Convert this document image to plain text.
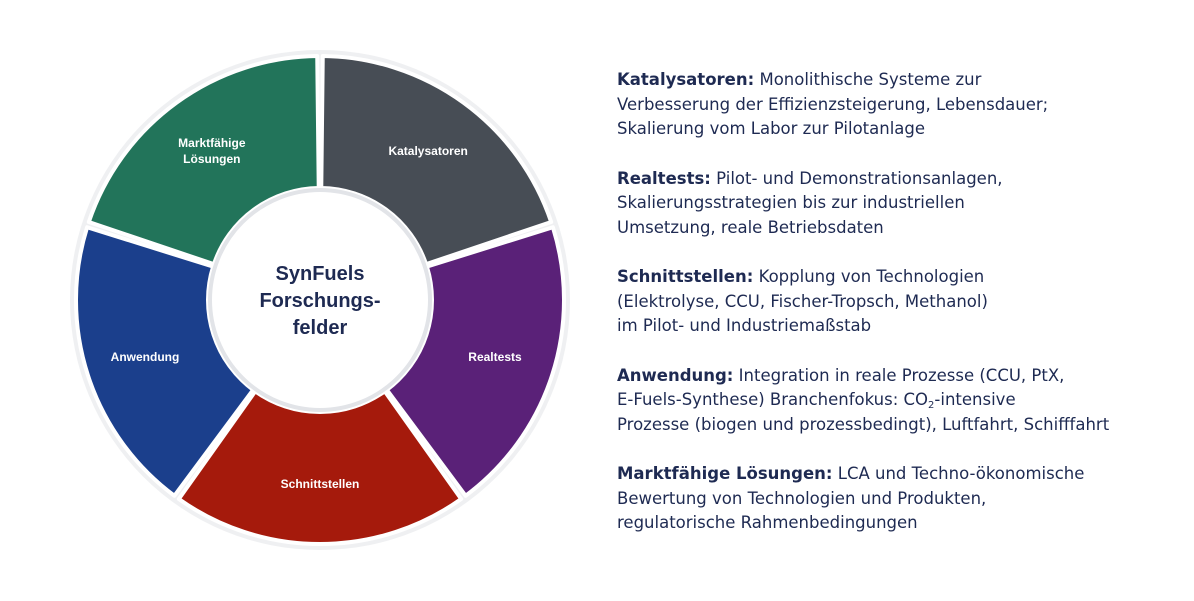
Katalysatoren
Realtests
Schnittstellen
Anwendung
Marktfähige Lösungen
SynFuels Forschungs-felder
Katalysatoren: Monolithische Systeme zur
Verbesserung der Effizienzsteigerung, Lebensdauer;
Skalierung vom Labor zur Pilotanlage
Realtests: Pilot- und Demonstrationsanlagen,
Skalierungsstrategien bis zur industriellen
Umsetzung, reale Betriebsdaten
Schnittstellen: Kopplung von Technologien
(Elektrolyse, CCU, Fischer-Tropsch, Methanol)
im Pilot- und Industriemaßstab
Anwendung: Integration in reale Prozesse (CCU, PtX,
E-Fuels-Synthese) Branchenfokus: $CO_2$-intensive
Prozesse (biogen und prozessbedingt), Luftfahrt, Schifffahrt
Marktfähige Lösungen: LCA und Techno-ökonomische
Bewertung von Technologien und Produkten,
regulatorische Rahmenbedingungen
